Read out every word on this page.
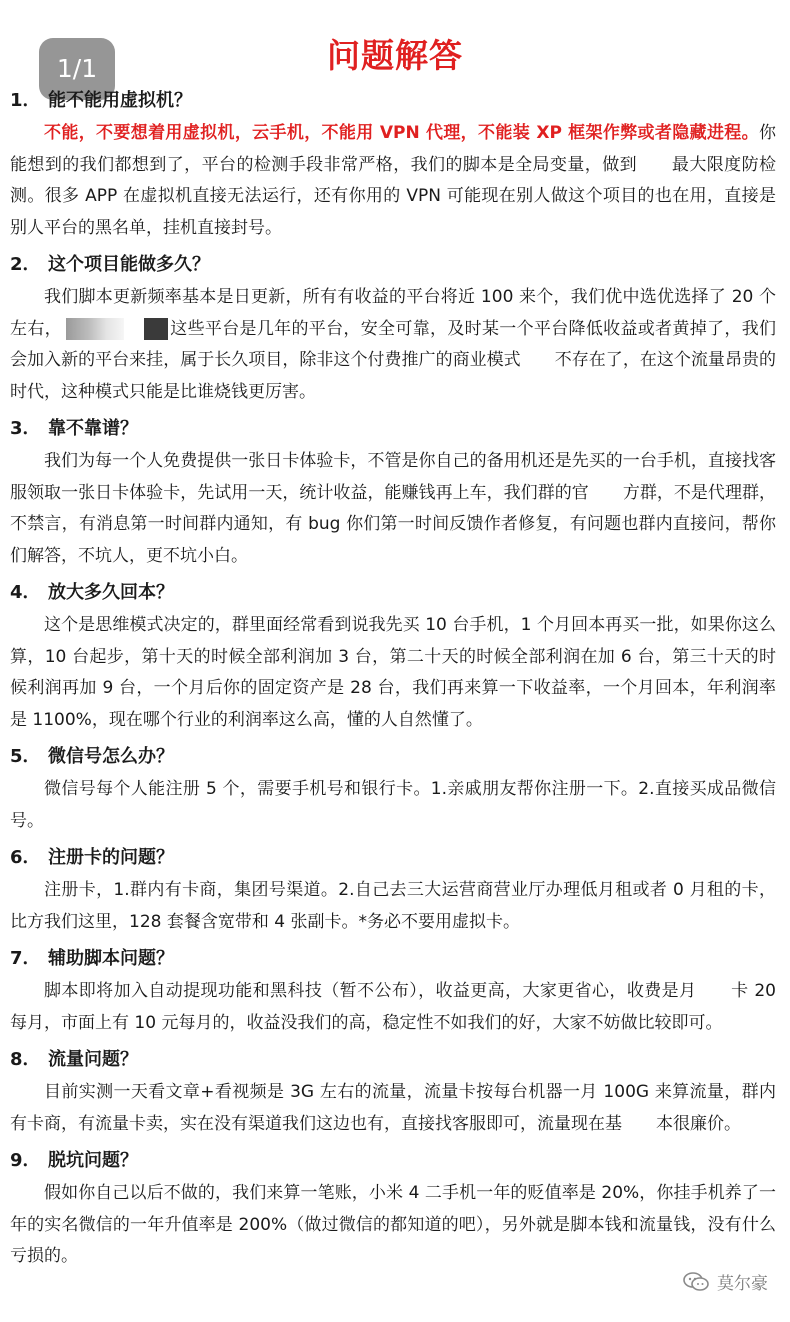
1/1	问题解答
1． 能不能用虚拟机？

不能，不要想着用虚拟机，云手机，不能用 VPN 代理，不能装 XP 框架作弊或者隐藏进程。你能想到的我们都想到了，平台的检测手段非常严格，我们的脚本是全局变量，做到　　最大限度防检测。很多 APP 在虚拟机直接无法运行，还有你用的 VPN 可能现在别人做这个项目的也在用，直接是别人平台的黑名单，挂机直接封号。

2． 这个项目能做多久？

我们脚本更新频率基本是日更新，所有有收益的平台将近 100 来个，我们优中选优选择了 20 个左右，	这些平台是几年的平台，安全可靠，及时某一个平台降低收益或者黄掉了，我们会加入新的平台来挂，属于长久项目，除非这个付费推广的商业模式　　不存在了，在这个流量昂贵的时代，这种模式只能是比谁烧钱更厉害。

3． 靠不靠谱？

我们为每一个人免费提供一张日卡体验卡，不管是你自己的备用机还是先买的一台手机，直接找客服领取一张日卡体验卡，先试用一天，统计收益，能赚钱再上车，我们群的官　　方群，不是代理群，不禁言，有消息第一时间群内通知，有 bug 你们第一时间反馈作者修复，有问题也群内直接问，帮你们解答，不坑人，更不坑小白。

4． 放大多久回本？

这个是思维模式决定的，群里面经常看到说我先买 10 台手机，1 个月回本再买一批，如果你这么算，10 台起步，第十天的时候全部利润加 3 台，第二十天的时候全部利润在加 6 台，第三十天的时候利润再加 9 台，一个月后你的固定资产是 28 台，我们再来算一下收益率，一个月回本，年利润率是 1100%，现在哪个行业的利润率这么高，懂的人自然懂了。

5． 微信号怎么办？

微信号每个人能注册 5 个，需要手机号和银行卡。1.亲戚朋友帮你注册一下。2.直接买成品微信号。

6． 注册卡的问题？

注册卡，1.群内有卡商，集团号渠道。2.自己去三大运营商营业厅办理低月租或者 0 月租的卡，比方我们这里，128 套餐含宽带和 4 张副卡。*务必不要用虚拟卡。

7． 辅助脚本问题？

脚本即将加入自动提现功能和黑科技（暂不公布），收益更高，大家更省心，收费是月　　卡 20 每月，市面上有 10 元每月的，收益没我们的高，稳定性不如我们的好，大家不妨做比较即可。

8． 流量问题？

目前实测一天看文章+看视频是 3G 左右的流量，流量卡按每台机器一月 100G 来算流量，群内有卡商，有流量卡卖，实在没有渠道我们这边也有，直接找客服即可，流量现在基　　本很廉价。

9． 脱坑问题？

假如你自己以后不做的，我们来算一笔账，小米 4 二手机一年的贬值率是 20%，你挂手机养了一年的实名微信的一年升值率是 200%（做过微信的都知道的吧），另外就是脚本钱和流量钱，没有什么亏损的。

莫尔豪
